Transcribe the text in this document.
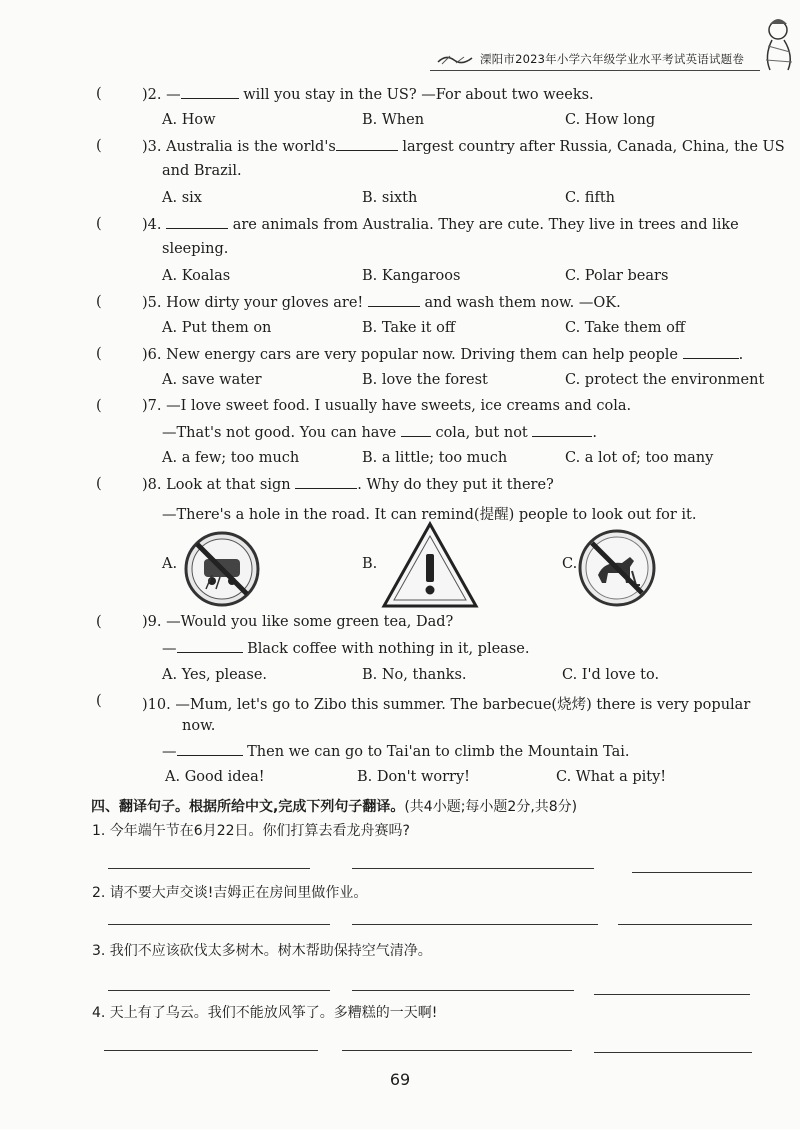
溧阳市2023年小学六年级学业水平考试英语试题卷
(	)2. —	will you stay in the US? —For about two weeks.
A. How	B. When	C. How long
(	)3. Australia is the world's	largest country after Russia, Canada, China, the US
and Brazil.
A. six	B. sixth	C. fifth
(	)4.	are animals from Australia. They are cute. They live in trees and like
sleeping.
A. Koalas	B. Kangaroos	C. Polar bears
(	)5. How dirty your gloves are!	and wash them now. —OK.
A. Put them on	B. Take it off	C. Take them off
(	)6. New energy cars are very popular now. Driving them can help people	.
A. save water	B. love the forest	C. protect the environment
(	)7. —I love sweet food. I usually have sweets, ice creams and cola.
—That's not good. You can have  cola, but not	.
A. a few; too much	B. a little; too much	C. a lot of; too many
(	)8. Look at that sign	. Why do they put it there?
—There's a hole in the road. It can remind(提醒) people to look out for it.
A.	B.	C.
(	)9. —Would you like some green tea, Dad?
—	Black coffee with nothing in it, please.
A. Yes, please.	B. No, thanks.	C. I'd love to.
(	)10. —Mum, let's go to Zibo this summer. The barbecue(烧烤) there is very popular
now.
—	Then we can go to Tai'an to climb the Mountain Tai.
A. Good idea!	B. Don't worry!	C. What a pity!
四、翻译句子。根据所给中文,完成下列句子翻译。(共4小题;每小题2分,共8分)
1. 今年端午节在6月22日。你们打算去看龙舟赛吗?
2. 请不要大声交谈!吉姆正在房间里做作业。
3. 我们不应该砍伐太多树木。树木帮助保持空气清净。
4. 天上有了乌云。我们不能放风筝了。多糟糕的一天啊!
69
